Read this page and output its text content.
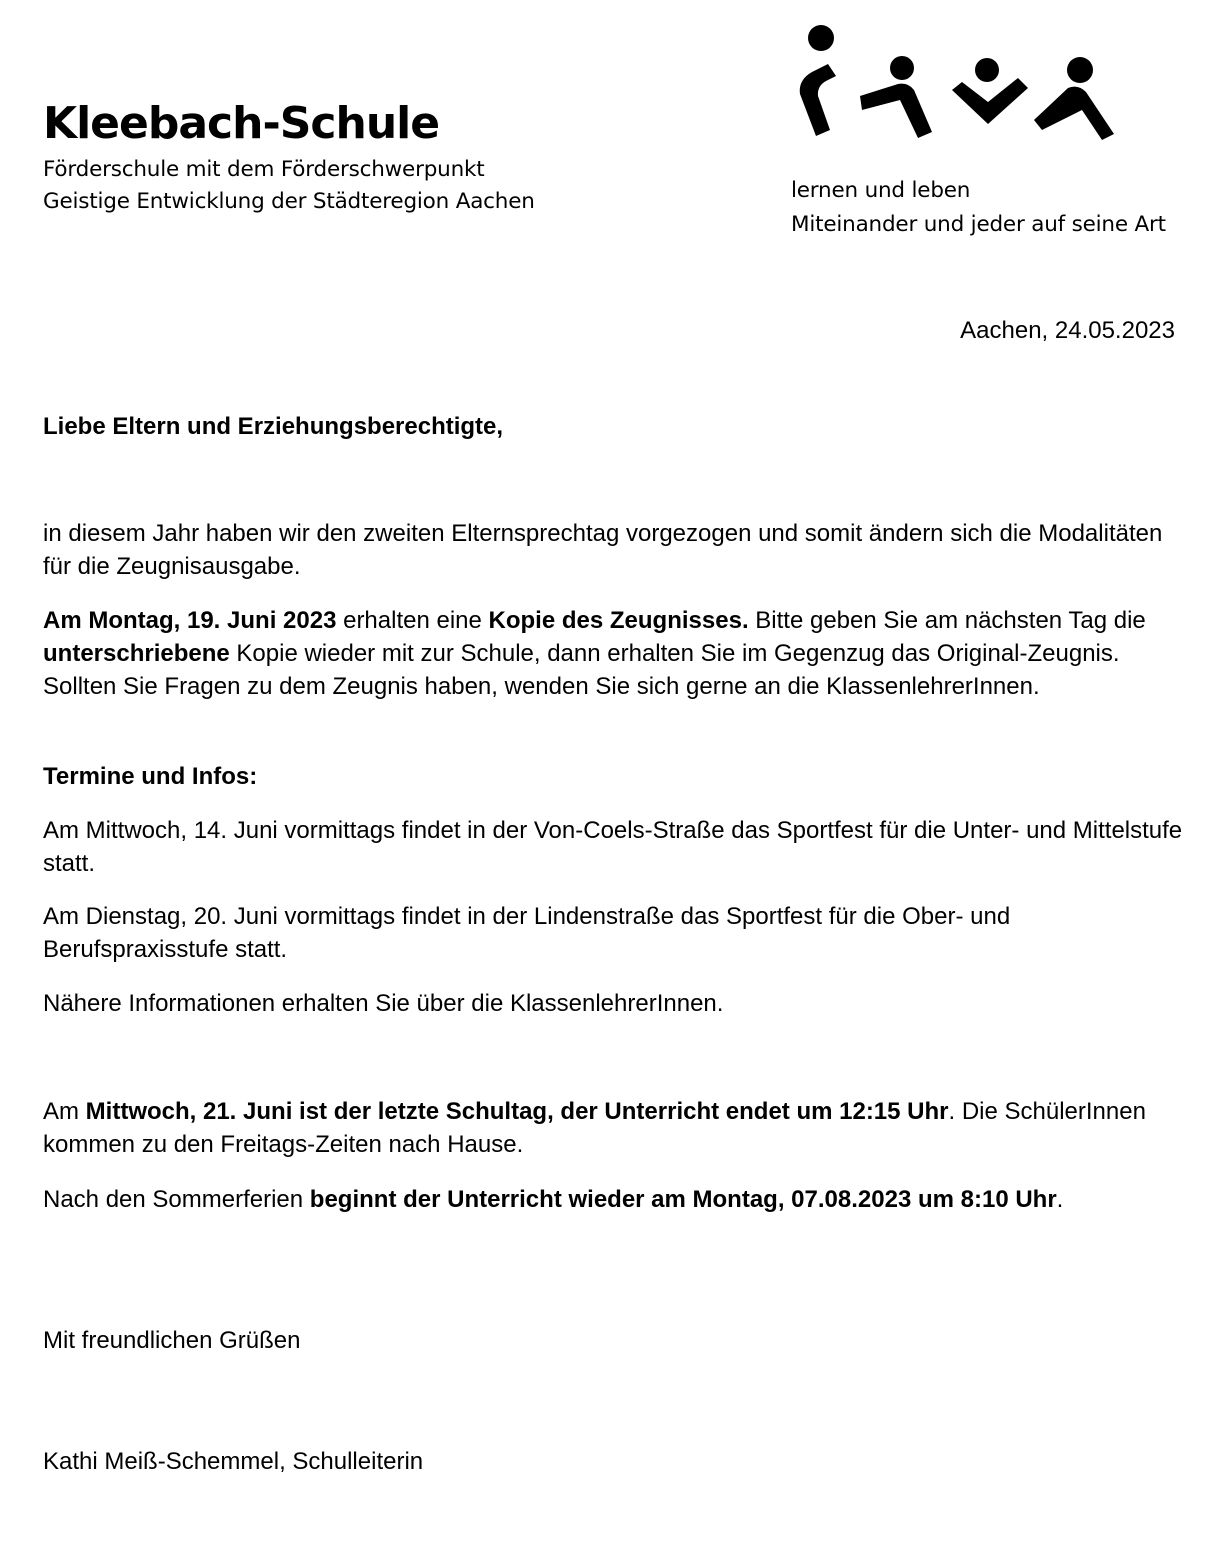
Kleebach-Schule
Förderschule mit dem Förderschwerpunkt
Geistige Entwicklung der Städteregion Aachen	lernen und leben
Miteinander und jeder auf seine Art
Aachen, 24.05.2023

Liebe Eltern und Erziehungsberechtigte,

in diesem Jahr haben wir den zweiten Elternsprechtag vorgezogen und somit ändern sich die Modalitäten für die Zeugnisausgabe.

Am Montag, 19. Juni 2023 erhalten eine Kopie des Zeugnisses. Bitte geben Sie am nächsten Tag die unterschriebene Kopie wieder mit zur Schule, dann erhalten Sie im Gegenzug das Original-Zeugnis. Sollten Sie Fragen zu dem Zeugnis haben, wenden Sie sich gerne an die KlassenlehrerInnen.

Termine und Infos:

Am Mittwoch, 14. Juni vormittags findet in der Von-Coels-Straße das Sportfest für die Unter- und Mittelstufe statt.

Am Dienstag, 20. Juni vormittags findet in der Lindenstraße das Sportfest für die Ober- und Berufspraxisstufe statt.

Nähere Informationen erhalten Sie über die KlassenlehrerInnen.

Am Mittwoch, 21. Juni ist der letzte Schultag, der Unterricht endet um 12:15 Uhr. Die SchülerInnen kommen zu den Freitags-Zeiten nach Hause.

Nach den Sommerferien beginnt der Unterricht wieder am Montag, 07.08.2023 um 8:10 Uhr.

Mit freundlichen Grüßen

Kathi Meiß-Schemmel, Schulleiterin
